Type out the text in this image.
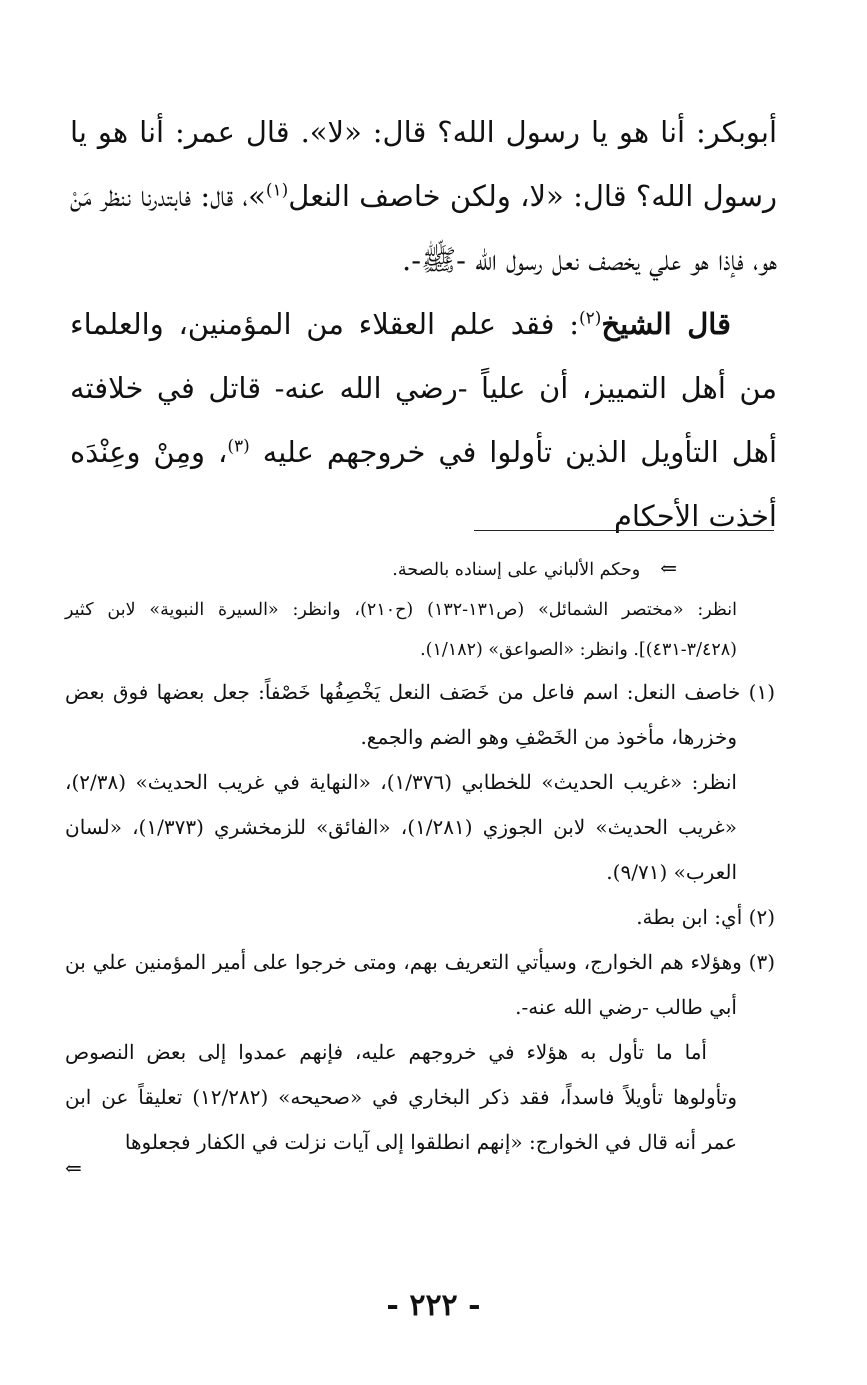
أبوبكر: أنا هو يا رسول الله؟ قال: «لا». قال عمر: أنا هو يا رسول الله؟ قال: «لا، ولكن خاصف النعل$^{(١)}$»، قال: فابتدرنا ننظر مَنْ هو، فإذا هو علي يخصف نعل رسول الله -ﷺ-.

قال الشيخ$^{(٢)}$: فقد علم العقلاء من المؤمنين، والعلماء من أهل التمييز، أن علياً -رضي الله عنه- قاتل في خلافته أهل التأويل الذين تأولوا في خروجهم عليه $^{(٣)}$، ومِنْ وعِنْدَه أخذت الأحكام

⇐وحكم الألباني على إسناده بالصحة.

انظر: «مختصر الشمائل» (ص١٣١-١٣٢) (ح٢١٠)، وانظر: «السيرة النبوية» لابن كثير (٣/٤٢٨-٤٣١)]. وانظر: «الصواعق» (١/١٨٢).

(١) خاصف النعل: اسم فاعل من خَصَف النعل يَخْصِفُها خَصْفاً: جعل بعضها فوق بعض وخزرها، مأخوذ من الخَصْفِ وهو الضم والجمع.

انظر: «غريب الحديث» للخطابي (١/٣٧٦)، «النهاية في غريب الحديث» (٢/٣٨)، «غريب الحديث» لابن الجوزي (١/٢٨١)، «الفائق» للزمخشري (١/٣٧٣)، «لسان العرب» (٩/٧١).

(٢) أي: ابن بطة.

(٣) وهؤلاء هم الخوارج، وسيأتي التعريف بهم، ومتى خرجوا على أمير المؤمنين علي بن أبي طالب -رضي الله عنه-.

أما ما تأول به هؤلاء في خروجهم عليه، فإنهم عمدوا إلى بعض النصوص وتأولوها تأويلاً فاسداً، فقد ذكر البخاري في «صحيحه» (١٢/٢٨٢) تعليقاً عن ابن عمر أنه قال في الخوارج: «إنهم انطلقوا إلى آيات نزلت في الكفار فجعلوها

⇐
- ٢٢٢ -
